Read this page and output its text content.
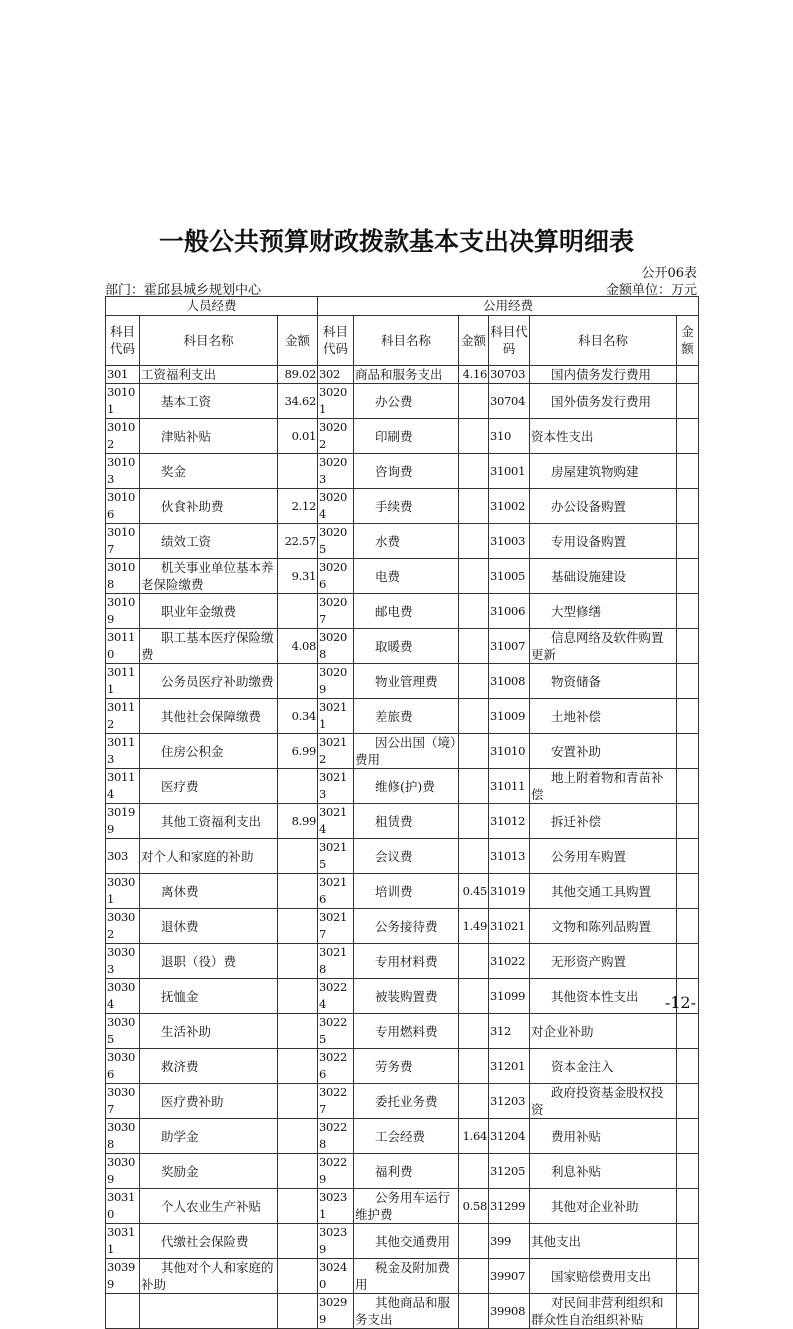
一般公共预算财政拨款基本支出决算明细表
公开06表
部门：霍邱县城乡规划中心	金额单位：万元
人员经费			公用经费					
科目代码	科目名称	金额	科目代码	科目名称	金额	科目代码	科目名称	金额
301	工资福利支出	89.02	302	商品和服务支出	4.16	30703	国内债务发行费用	
30101	基本工资	34.62	30201	办公费		30704	国外债务发行费用	
30102	津贴补贴	0.01	30202	印刷费		310	资本性支出	
30103	奖金		30203	咨询费		31001	房屋建筑物购建	
30106	伙食补助费	2.12	30204	手续费		31002	办公设备购置	
30107	绩效工资	22.57	30205	水费		31003	专用设备购置	
30108	机关事业单位基本养老保险缴费	9.31	30206	电费		31005	基础设施建设	
30109	职业年金缴费		30207	邮电费		31006	大型修缮	
30110	职工基本医疗保险缴费	4.08	30208	取暖费		31007	信息网络及软件购置更新	
30111	公务员医疗补助缴费		30209	物业管理费		31008	物资储备	
30112	其他社会保障缴费	0.34	30211	差旅费		31009	土地补偿	
30113	住房公积金	6.99	30212	因公出国（境）费用		31010	安置补助	
30114	医疗费		30213	维修(护)费		31011	地上附着物和青苗补偿	
30199	其他工资福利支出	8.99	30214	租赁费		31012	拆迁补偿	
303	对个人和家庭的补助		30215	会议费		31013	公务用车购置	
30301	离休费		30216	培训费	0.45	31019	其他交通工具购置	
30302	退休费		30217	公务接待费	1.49	31021	文物和陈列品购置	
30303	退职（役）费		30218	专用材料费		31022	无形资产购置	
30304	抚恤金		30224	被装购置费		31099	其他资本性支出	
30305	生活补助		30225	专用燃料费		312	对企业补助	
30306	救济费		30226	劳务费		31201	资本金注入	
30307	医疗费补助		30227	委托业务费		31203	政府投资基金股权投资	
30308	助学金		30228	工会经费	1.64	31204	费用补贴	
30309	奖励金		30229	福利费		31205	利息补贴	
30310	个人农业生产补贴		30231	公务用车运行维护费	0.58	31299	其他对企业补助	
30311	代缴社会保险费		30239	其他交通费用		399	其他支出	
30399	其他对个人和家庭的补助		30240	税金及附加费用		39907	国家赔偿费用支出	
			30299	其他商品和服务支出		39908	对民间非营利组织和群众性自治组织补贴	
-12-
